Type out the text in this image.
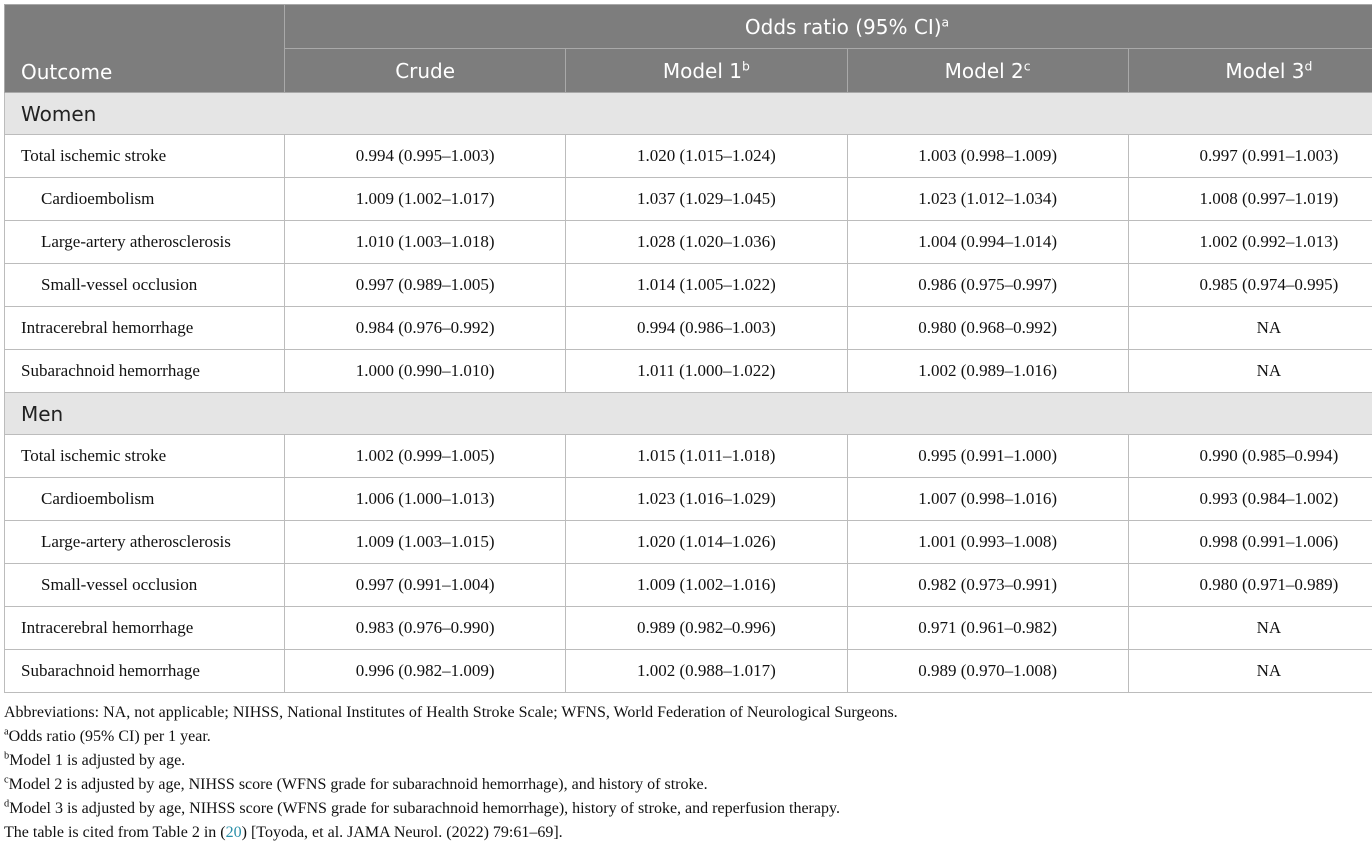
Outcome	Odds ratio (95% CI)$^a$
	Crude	Model 1$^b$	Model 2$^c$	Model 3$^d$
Women				
Total ischemic stroke	0.994 (0.995–1.003)	1.020 (1.015–1.024)	1.003 (0.998–1.009)	0.997 (0.991–1.003)
Cardioembolism	1.009 (1.002–1.017)	1.037 (1.029–1.045)	1.023 (1.012–1.034)	1.008 (0.997–1.019)
Large-artery atherosclerosis	1.010 (1.003–1.018)	1.028 (1.020–1.036)	1.004 (0.994–1.014)	1.002 (0.992–1.013)
Small-vessel occlusion	0.997 (0.989–1.005)	1.014 (1.005–1.022)	0.986 (0.975–0.997)	0.985 (0.974–0.995)
Intracerebral hemorrhage	0.984 (0.976–0.992)	0.994 (0.986–1.003)	0.980 (0.968–0.992)	NA
Subarachnoid hemorrhage	1.000 (0.990–1.010)	1.011 (1.000–1.022)	1.002 (0.989–1.016)	NA
Men				
Total ischemic stroke	1.002 (0.999–1.005)	1.015 (1.011–1.018)	0.995 (0.991–1.000)	0.990 (0.985–0.994)
Cardioembolism	1.006 (1.000–1.013)	1.023 (1.016–1.029)	1.007 (0.998–1.016)	0.993 (0.984–1.002)
Large-artery atherosclerosis	1.009 (1.003–1.015)	1.020 (1.014–1.026)	1.001 (0.993–1.008)	0.998 (0.991–1.006)
Small-vessel occlusion	0.997 (0.991–1.004)	1.009 (1.002–1.016)	0.982 (0.973–0.991)	0.980 (0.971–0.989)
Intracerebral hemorrhage	0.983 (0.976–0.990)	0.989 (0.982–0.996)	0.971 (0.961–0.982)	NA
Subarachnoid hemorrhage	0.996 (0.982–1.009)	1.002 (0.988–1.017)	0.989 (0.970–1.008)	NA
Abbreviations: NA, not applicable; NIHSS, National Institutes of Health Stroke Scale; WFNS, World Federation of Neurological Surgeons.
$^a$Odds ratio (95% CI) per 1 year.
$^b$Model 1 is adjusted by age.
$^c$Model 2 is adjusted by age, NIHSS score (WFNS grade for subarachnoid hemorrhage), and history of stroke.
$^d$Model 3 is adjusted by age, NIHSS score (WFNS grade for subarachnoid hemorrhage), history of stroke, and reperfusion therapy.
The table is cited from Table 2 in (20) [Toyoda, et al. JAMA Neurol. (2022) 79:61–69].
